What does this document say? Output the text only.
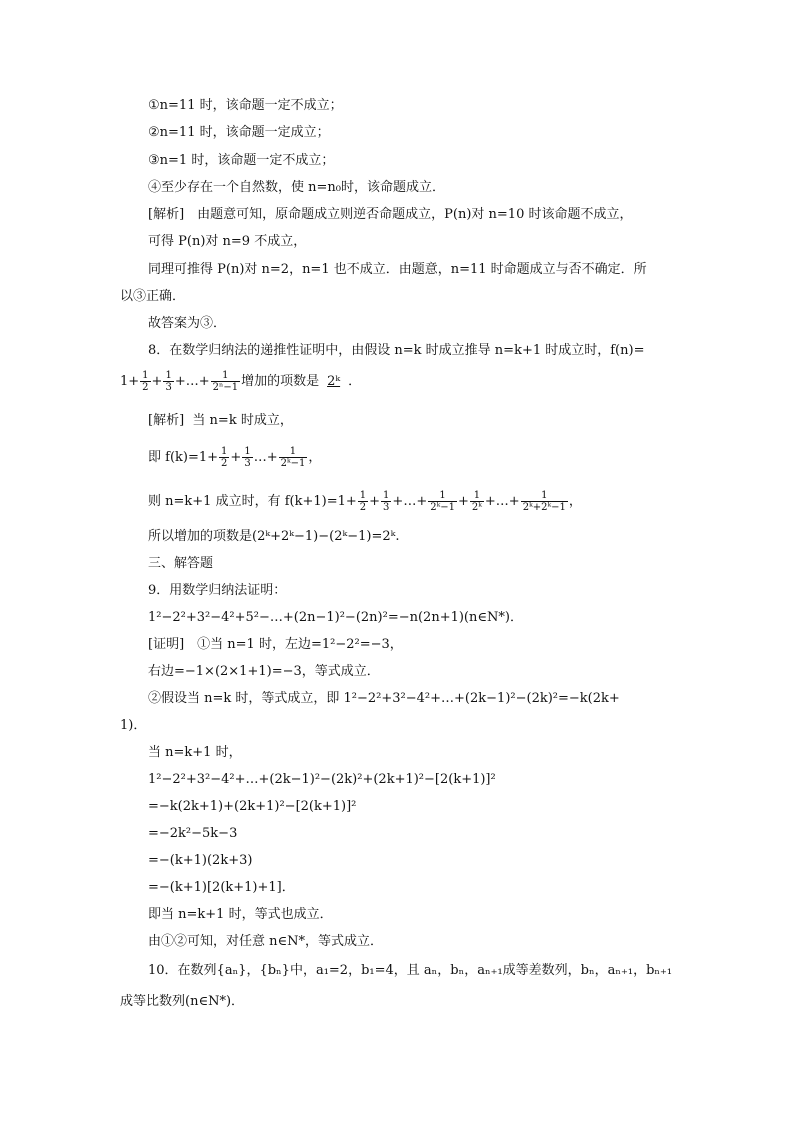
①n=11 时，该命题一定不成立；
②n=11 时，该命题一定成立；
③n=1 时，该命题一定不成立；
④至少存在一个自然数，使 n=n₀时，该命题成立．
[解析]　由题意可知，原命题成立则逆否命题成立，P(n)对 n=10 时该命题不成立，
可得 P(n)对 n=9 不成立，
同理可推得 P(n)对 n=2，n=1 也不成立．由题意，n=11 时命题成立与否不确定．所
以③正确．
故答案为③．
8．在数学归纳法的递推性证明中，由假设 n=k 时成立推导 n=k+1 时成立时，f(n)=
$1+ \frac{1}{2} + \frac{1}{3}$ +…+ $\frac{1}{\text{2ⁿ−1}}$ 增加的项数是 2ᵏ ．
[解析] 当 n=k 时成立，
即 $f(k)=1+ \frac{1}{2} + \frac{1}{3}$ …+ $\frac{1}{\text{2ᵏ−1}}$ ，
则 n=k+1 成立时，有 $f(k+1)=1+ \frac{1}{2} + \frac{1}{3}$ +…+ $\frac{1}{\text{2ᵏ−1}} + \frac{1}{\text{2ᵏ}}$ +…+ $\frac{1}{\text{2ᵏ+2ᵏ−1}}$ ，
所以增加的项数是(2ᵏ+2ᵏ−1)−(2ᵏ−1)=2ᵏ.
三、解答题
9．用数学归纳法证明：
1²−2²+3²−4²+5²−…+(2n−1)²−(2n)²=−n(2n+1)(n∈N*)．
[证明]　①当 n=1 时，左边=1²−2²=−3，
右边=−1×(2×1+1)=−3，等式成立．
②假设当 n=k 时，等式成立，即 1²−2²+3²−4²+…+(2k−1)²−(2k)²=−k(2k+
1)．
当 n=k+1 时，
1²−2²+3²−4²+…+(2k−1)²−(2k)²+(2k+1)²−[2(k+1)]²
=−k(2k+1)+(2k+1)²−[2(k+1)]²
=−2k²−5k−3
=−(k+1)(2k+3)
=−(k+1)[2(k+1)+1]．
即当 n=k+1 时，等式也成立．
由①②可知，对任意 n∈N*，等式成立．
10．在数列{aₙ}，{bₙ}中，a₁=2，b₁=4，且 aₙ，bₙ，aₙ₊₁成等差数列，bₙ，aₙ₊₁，bₙ₊₁
成等比数列(n∈N*)．
